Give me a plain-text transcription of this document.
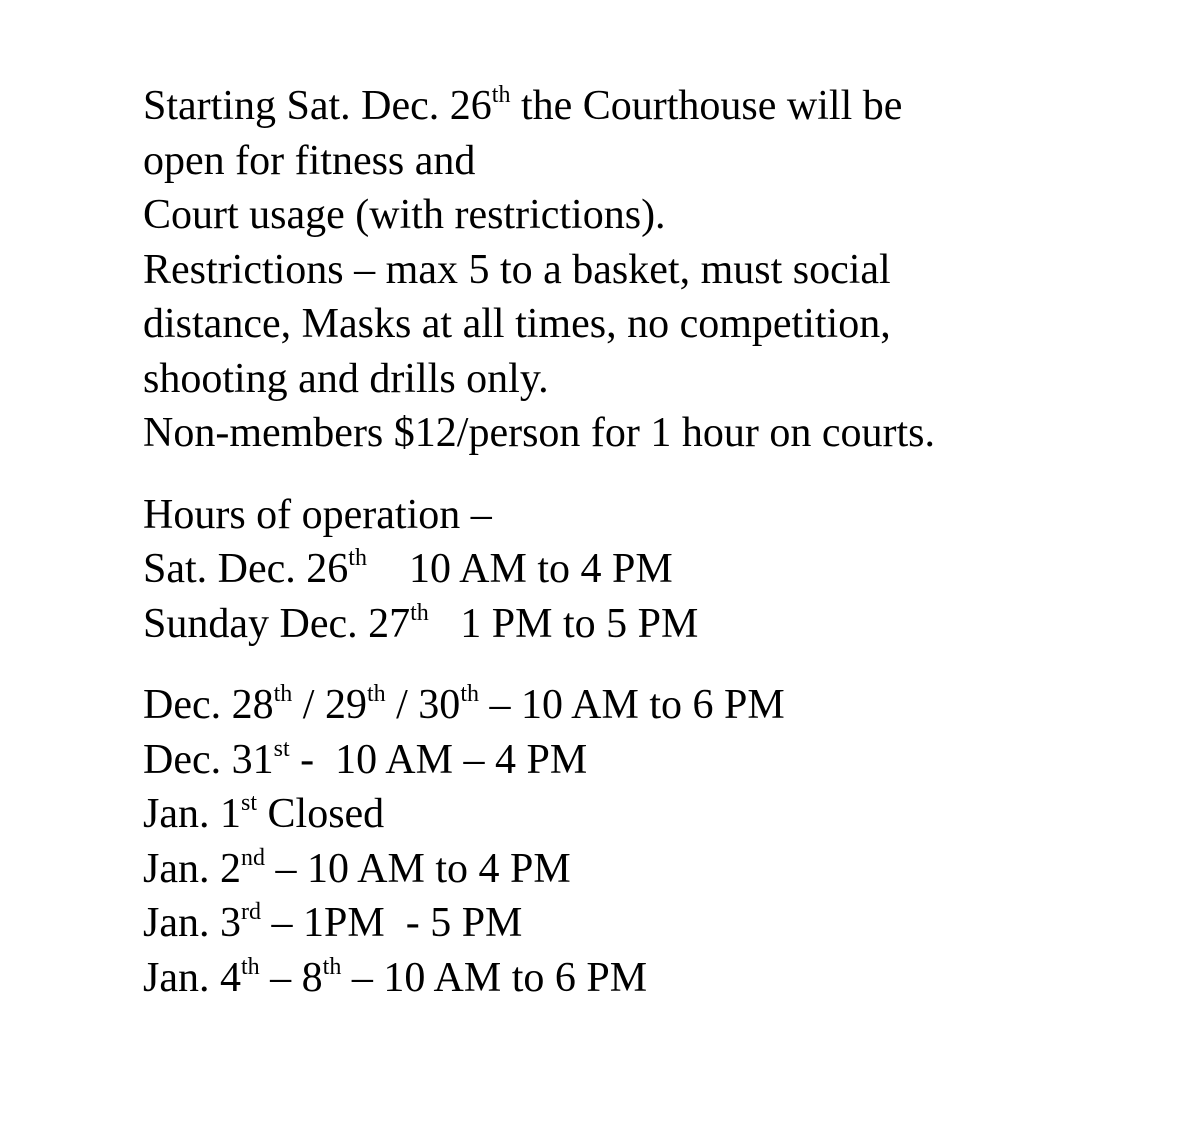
Starting Sat. Dec. 26th the Courthouse will be
open for fitness and
Court usage (with restrictions).
Restrictions – max 5 to a basket, must social
distance, Masks at all times, no competition,
shooting and drills only.
Non-members $12/person for 1 hour on courts.
Hours of operation –
Sat. Dec. 26th    10 AM to 4 PM
Sunday Dec. 27th   1 PM to 5 PM
Dec. 28th / 29th / 30th – 10 AM to 6 PM
Dec. 31st -  10 AM – 4 PM
Jan. 1st Closed
Jan. 2nd – 10 AM to 4 PM
Jan. 3rd – 1PM  - 5 PM
Jan. 4th – 8th – 10 AM to 6 PM
